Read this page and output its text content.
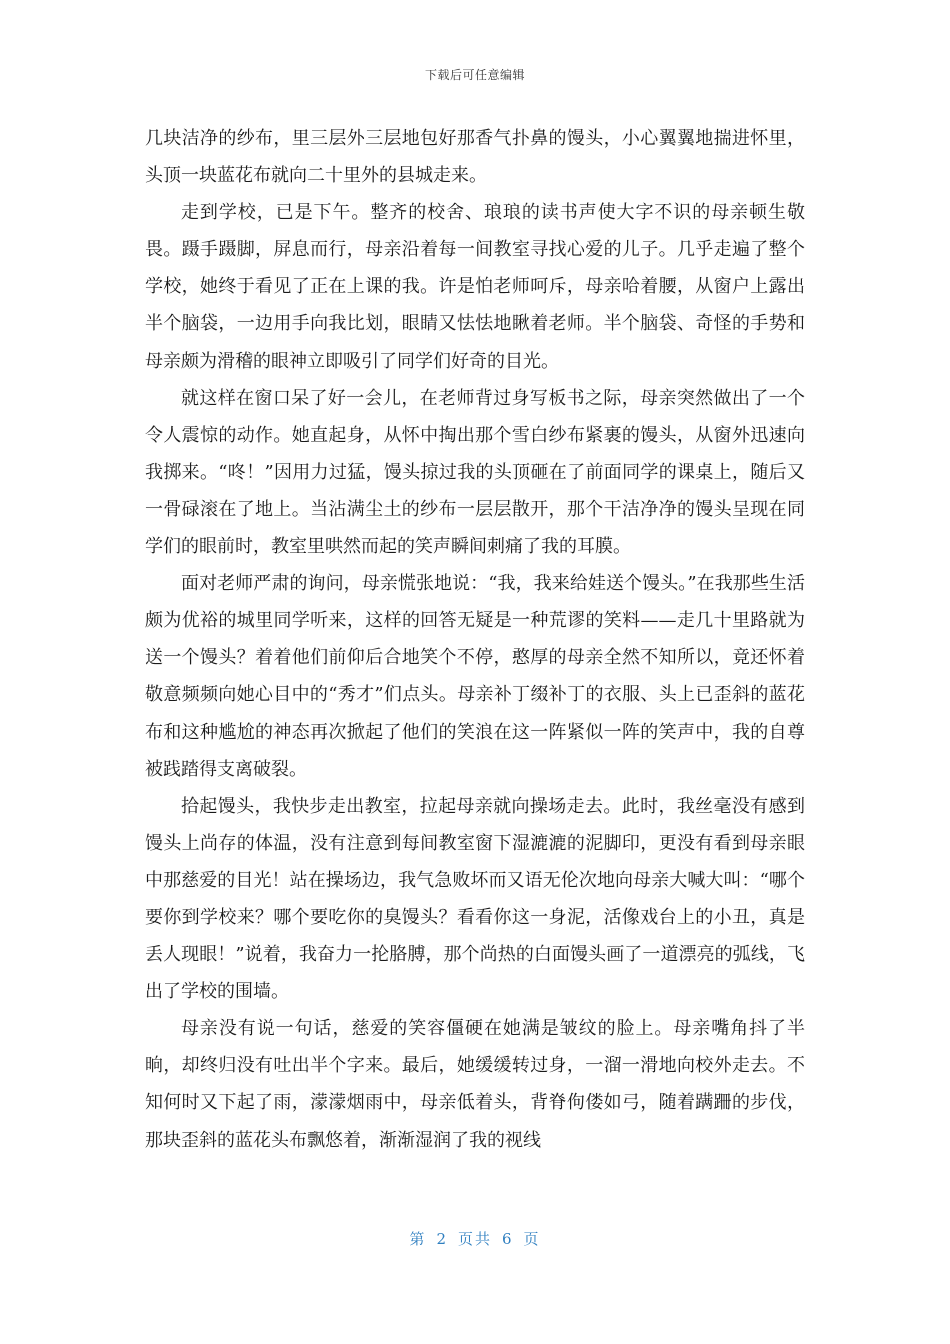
下载后可任意编辑

几块洁净的纱布，里三层外三层地包好那香气扑鼻的馒头，小心翼翼地揣进怀里，头顶一块蓝花布就向二十里外的县城走来。

走到学校，已是下午。整齐的校舍、琅琅的读书声使大字不识的母亲顿生敬畏。蹑手蹑脚，屏息而行，母亲沿着每一间教室寻找心爱的儿子。几乎走遍了整个学校，她终于看见了正在上课的我。许是怕老师呵斥，母亲哈着腰，从窗户上露出半个脑袋，一边用手向我比划，眼睛又怯怯地瞅着老师。半个脑袋、奇怪的手势和母亲颇为滑稽的眼神立即吸引了同学们好奇的目光。

就这样在窗口呆了好一会儿，在老师背过身写板书之际，母亲突然做出了一个令人震惊的动作。她直起身，从怀中掏出那个雪白纱布紧裹的馒头，从窗外迅速向我掷来。“咚！”因用力过猛，馒头掠过我的头顶砸在了前面同学的课桌上，随后又一骨碌滚在了地上。当沾满尘土的纱布一层层散开，那个干洁净净的馒头呈现在同学们的眼前时，教室里哄然而起的笑声瞬间刺痛了我的耳膜。

面对老师严肃的询问，母亲慌张地说：“我，我来给娃送个馒头。”在我那些生活颇为优裕的城里同学听来，这样的回答无疑是一种荒谬的笑料——走几十里路就为送一个馒头？着着他们前仰后合地笑个不停，憨厚的母亲全然不知所以，竟还怀着敬意频频向她心目中的“秀才”们点头。母亲补丁缀补丁的衣服、头上已歪斜的蓝花布和这种尴尬的神态再次掀起了他们的笑浪在这一阵紧似一阵的笑声中，我的自尊被践踏得支离破裂。

拾起馒头，我快步走出教室，拉起母亲就向操场走去。此时，我丝毫没有感到馒头上尚存的体温，没有注意到每间教室窗下湿漉漉的泥脚印，更没有看到母亲眼中那慈爱的目光！站在操场边，我气急败坏而又语无伦次地向母亲大喊大叫：“哪个要你到学校来？哪个要吃你的臭馒头？看看你这一身泥，活像戏台上的小丑，真是丢人现眼！”说着，我奋力一抡胳膊，那个尚热的白面馒头画了一道漂亮的弧线，飞出了学校的围墙。

母亲没有说一句话，慈爱的笑容僵硬在她满是皱纹的脸上。母亲嘴角抖了半晌，却终归没有吐出半个字来。最后，她缓缓转过身，一溜一滑地向校外走去。不知何时又下起了雨，濛濛烟雨中，母亲低着头，背脊佝偻如弓，随着蹒跚的步伐，那块歪斜的蓝花头布飘悠着，渐渐湿润了我的视线

第 2 页共 6 页
